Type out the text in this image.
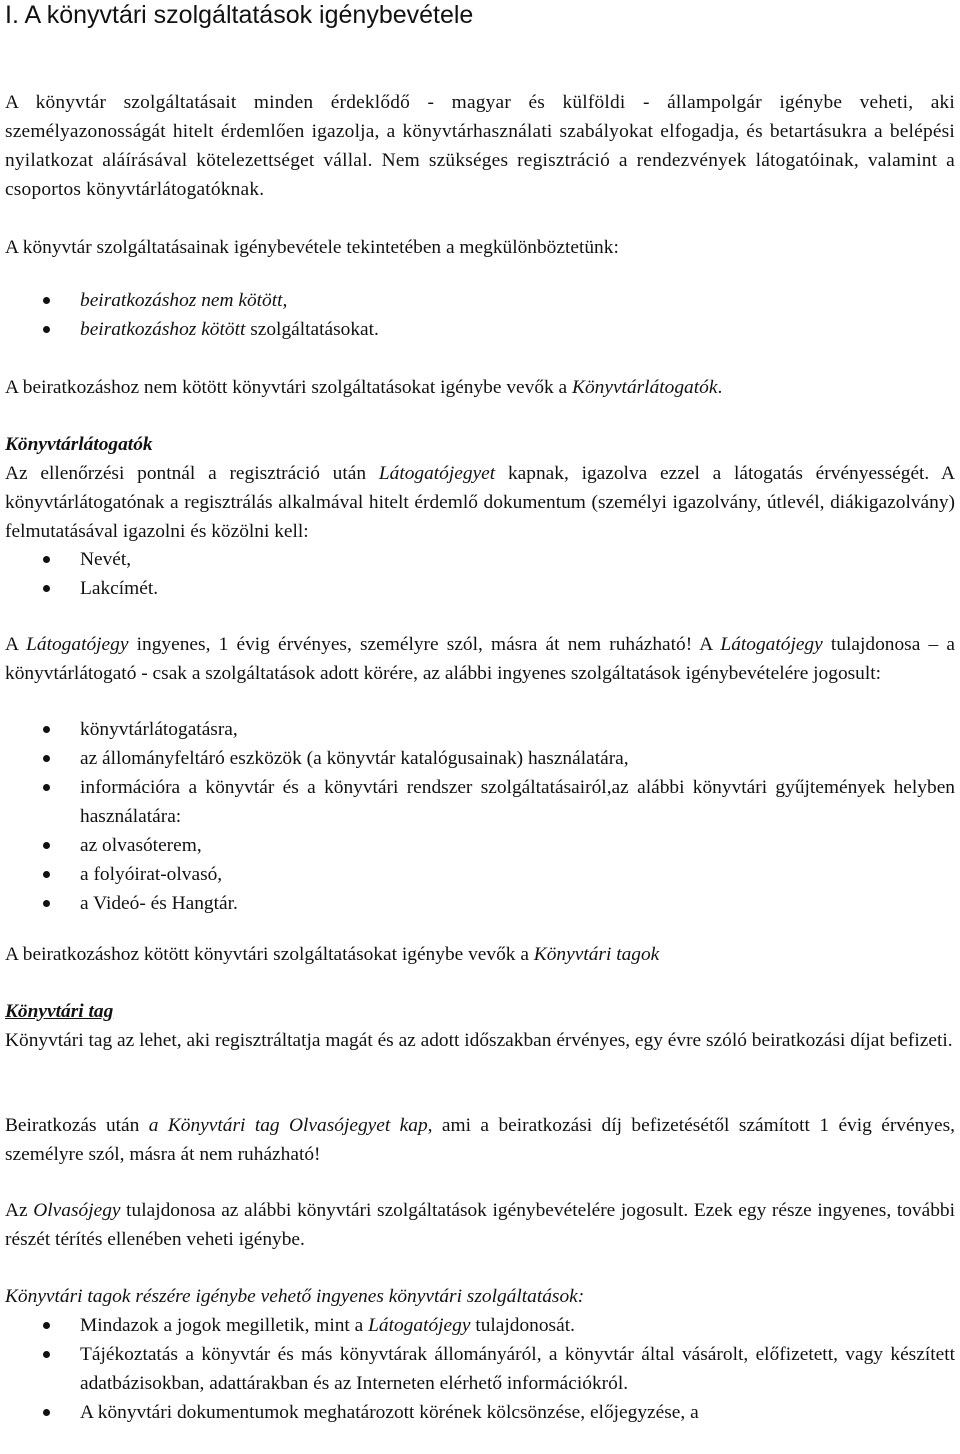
I. A könyvtári szolgáltatások igénybevétele

A könyvtár szolgáltatásait minden érdeklődő - magyar és külföldi - állampolgár igénybe veheti, aki személyazonosságát hitelt érdemlően igazolja, a könyvtárhasználati szabályokat elfogadja, és betartásukra a belépési nyilatkozat aláírásával kötelezettséget vállal. Nem szükséges regisztráció a rendezvények látogatóinak, valamint a csoportos könyvtárlátogatóknak.

A könyvtár szolgáltatásainak igénybevétele tekintetében a megkülönböztetünk:

beiratkozáshoz nem kötött,
beiratkozáshoz kötött szolgáltatásokat.

A beiratkozáshoz nem kötött könyvtári szolgáltatásokat igénybe vevők a Könyvtárlátogatók.

Könyvtárlátogatók

Az ellenőrzési pontnál a regisztráció után Látogatójegyet kapnak, igazolva ezzel a látogatás érvényességét. A könyvtárlátogatónak a regisztrálás alkalmával hitelt érdemlő dokumentum (személyi igazolvány, útlevél, diákigazolvány) felmutatásával igazolni és közölni kell:

Nevét,
Lakcímét.

A Látogatójegy ingyenes, 1 évig érvényes, személyre szól, másra át nem ruházható! A Látogatójegy tulajdonosa – a könyvtárlátogató - csak a szolgáltatások adott körére, az alábbi ingyenes szolgáltatások igénybevételére jogosult:

könyvtárlátogatásra,
az állományfeltáró eszközök (a könyvtár katalógusainak) használatára,
információra a könyvtár és a könyvtári rendszer szolgáltatásairól,az alábbi könyvtári gyűjtemények helyben használatára:
az olvasóterem,
a folyóirat-olvasó,
a Videó- és Hangtár.

A beiratkozáshoz kötött könyvtári szolgáltatásokat igénybe vevők a Könyvtári tagok

Könyvtári tag

Könyvtári tag az lehet, aki regisztráltatja magát és az adott időszakban érvényes, egy évre szóló beiratkozási díjat befizeti.

Beiratkozás után a Könyvtári tag Olvasójegyet kap, ami a beiratkozási díj befizetésétől számított 1 évig érvényes, személyre szól, másra át nem ruházható!

Az Olvasójegy tulajdonosa az alábbi könyvtári szolgáltatások igénybevételére jogosult. Ezek egy része ingyenes, további részét térítés ellenében veheti igénybe.

Könyvtári tagok részére igénybe vehető ingyenes könyvtári szolgáltatások:

Mindazok a jogok megilletik, mint a Látogatójegy tulajdonosát.
Tájékoztatás a könyvtár és más könyvtárak állományáról, a könyvtár által vásárolt, előfizetett, vagy készített adatbázisokban, adattárakban és az Interneten elérhető információkról.
A könyvtári dokumentumok meghatározott körének kölcsönzése, előjegyzése, a
